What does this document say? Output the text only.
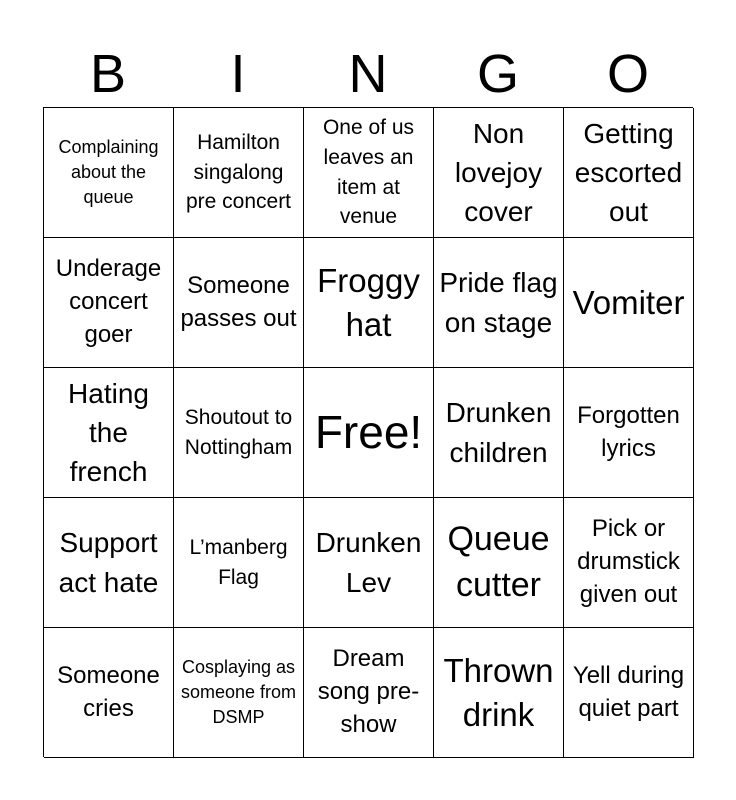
B	I	N	G	O
Complaining about the queue
Hamilton singalong pre concert
One of us leaves an item at venue
Non lovejoy cover
Getting escorted out
Underage concert goer
Someone passes out
Froggy hat
Pride flag on stage
Vomiter
Hating the french
Shoutout to Nottingham Free! Drunken children
Forgotten lyrics
Support act hate
L’manberg Flag
Drunken Lev
Queue cutter
Pick or drumstick given out
Someone cries
Cosplaying as someone from DSMP
Dream song pre-show
Thrown drink
Yell during quiet part
